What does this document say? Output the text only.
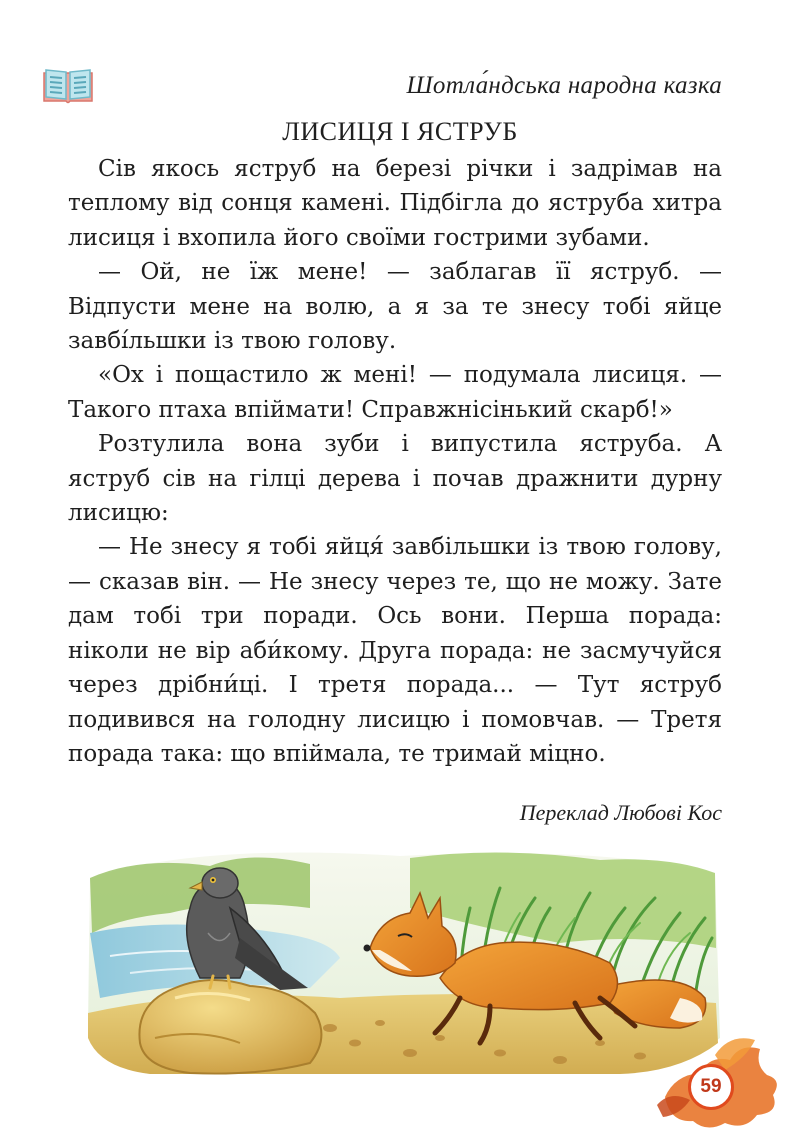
Шотла́ндська народна казка
ЛИСИЦЯ І ЯСТРУБ

Сів якось яструб на березі річки і задрімав на теплому від сонця камені. Підбігла до яструба хитра лисиця і вхопила його своїми гострими зубами.

— Ой, не їж мене! — заблагав її яструб. — Відпусти мене на волю, а я за те знесу тобі яйце завбі́льшки із твою голову.

«Ох і пощастило ж мені! — подумала лисиця. — Такого птаха впіймати! Справжнісінький скарб!»

Розтулила вона зуби і випустила яструба. А яструб сів на гілці дерева і почав дражнити дурну лисицю:

— Не знесу я тобі яйця́ завбільшки із твою голову, — сказав він. — Не знесу через те, що не можу. Зате дам тобі три поради. Ось вони. Перша порада: ніколи не вір аби́кому. Друга порада: не засмучуйся через дрібни́ці. І третя порада... — Тут яструб подивився на голодну лисицю і помовчав. — Третя порада така: що впіймала, те тримай міцно.

Переклад Любові Кос
59
